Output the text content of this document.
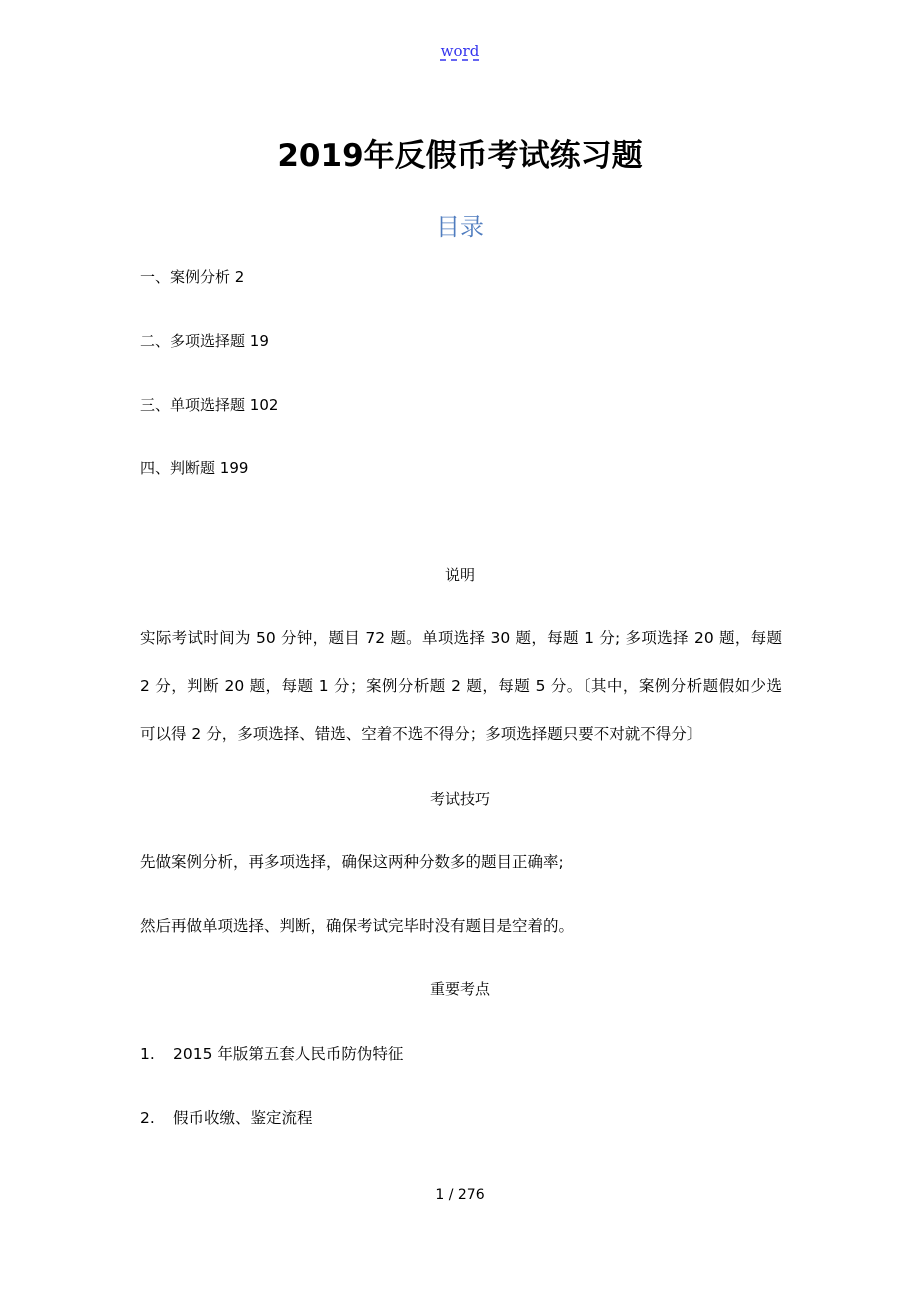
word
2019年反假币考试练习题
目录
一、案例分析 2
二、多项选择题 19
三、单项选择题 102
四、判断题 199
说明
实际考试时间为 50 分钟，题目 72 题。单项选择 30 题，每题 1 分; 多项选择 20 题，每题
2 分，判断 20 题，每题 1 分；案例分析题 2 题，每题 5 分。〔其中，案例分析题假如少选
可以得 2 分，多项选择、错选、空着不选不得分；多项选择题只要不对就不得分〕
考试技巧
先做案例分析，再多项选择，确保这两种分数多的题目正确率;
然后再做单项选择、判断，确保考试完毕时没有题目是空着的。
重要考点
1. 2015 年版第五套人民币防伪特征
2. 假币收缴、鉴定流程
1 / 276
